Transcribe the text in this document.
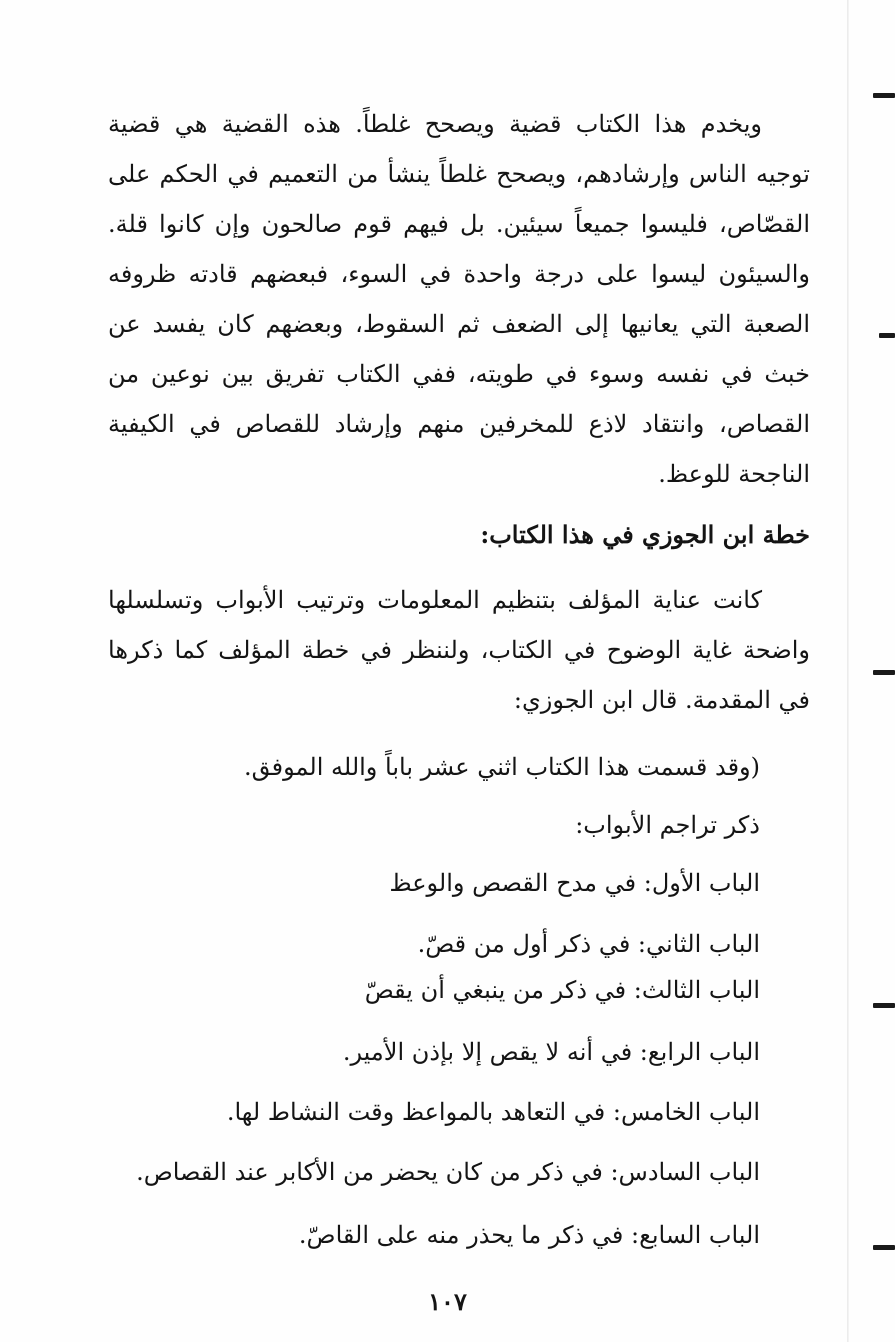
ويخدم هذا الكتاب قضية ويصحح غلطاً. هذه القضية هي قضية توجيه الناس وإرشادهم، ويصحح غلطاً ينشأ من التعميم في الحكم على القصّاص، فليسوا جميعاً سيئين. بل فيهم قوم صالحون وإن كانوا قلة. والسيئون ليسوا على درجة واحدة في السوء، فبعضهم قادته ظروفه الصعبة التي يعانيها إلى الضعف ثم السقوط، وبعضهم كان يفسد عن خبث في نفسه وسوء في طويته، ففي الكتاب تفريق بين نوعين من القصاص، وانتقاد لاذع للمخرفين منهم وإرشاد للقصاص في الكيفية الناجحة للوعظ.

خطة ابن الجوزي في هذا الكتاب:

كانت عناية المؤلف بتنظيم المعلومات وترتيب الأبواب وتسلسلها واضحة غاية الوضوح في الكتاب، ولننظر في خطة المؤلف كما ذكرها في المقدمة. قال ابن الجوزي:

(وقد قسمت هذا الكتاب اثني عشر باباً والله الموفق.

ذكر تراجم الأبواب:

الباب الأول: في مدح القصص والوعظ

الباب الثاني: في ذكر أول من قصّ.

الباب الثالث: في ذكر من ينبغي أن يقصّ

الباب الرابع: في أنه لا يقص إلا بإذن الأمير.

الباب الخامس: في التعاهد بالمواعظ وقت النشاط لها.

الباب السادس: في ذكر من كان يحضر من الأكابر عند القصاص.

الباب السابع: في ذكر ما يحذر منه على القاصّ.

١٠٧
